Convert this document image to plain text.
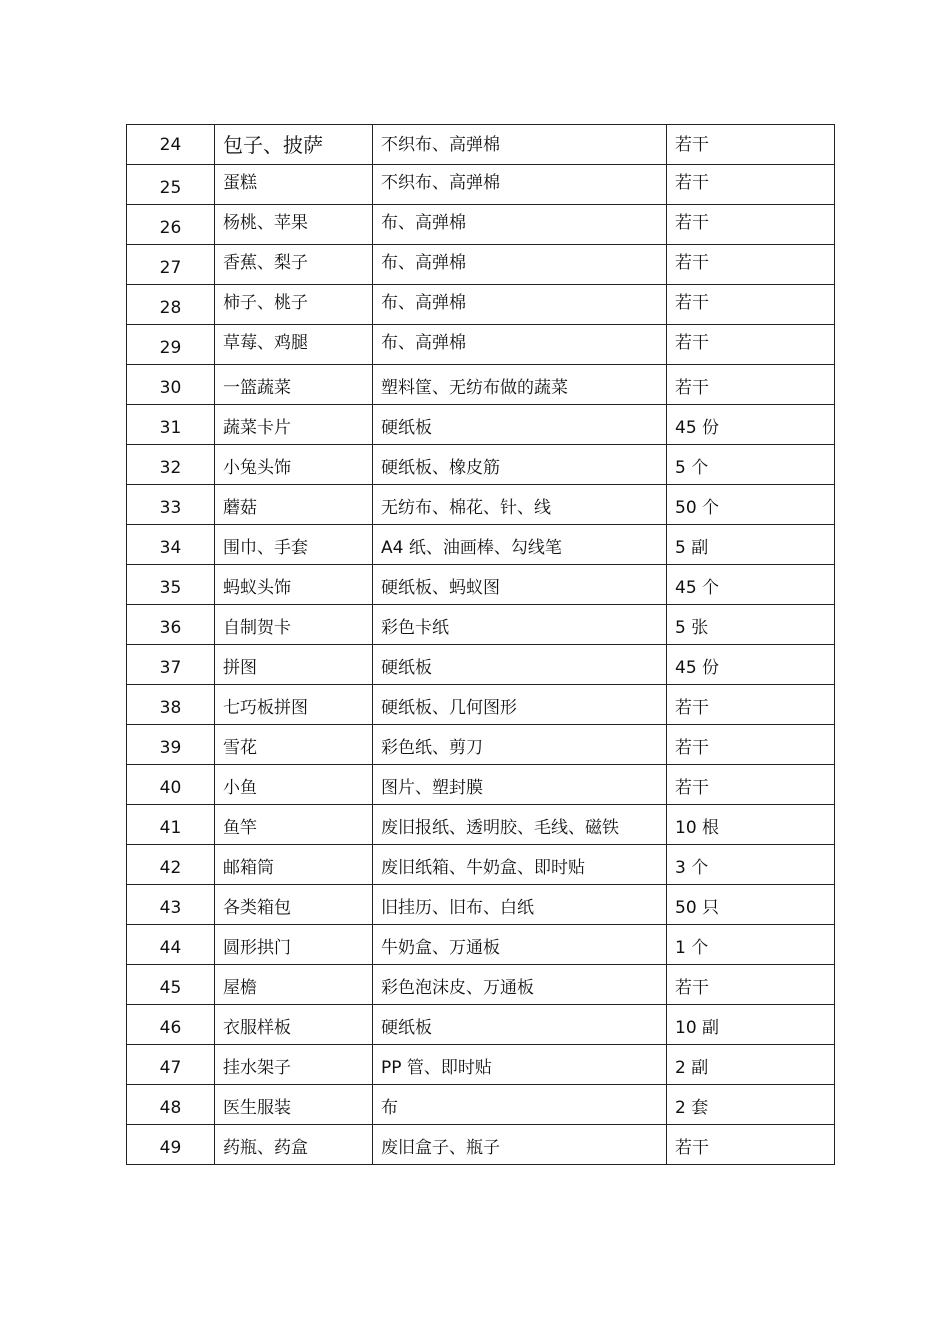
24	包子、披萨	不织布、高弹棉	若干
25	蛋糕	不织布、高弹棉	若干
26	杨桃、苹果	布、高弹棉	若干
27	香蕉、梨子	布、高弹棉	若干
28	柿子、桃子	布、高弹棉	若干
29	草莓、鸡腿	布、高弹棉	若干
30	一篮蔬菜	塑料筐、无纺布做的蔬菜	若干
31	蔬菜卡片	硬纸板	45 份
32	小兔头饰	硬纸板、橡皮筋	5 个
33	蘑菇	无纺布、棉花、针、线	50 个
34	围巾、手套	A4 纸、油画棒、勾线笔	5 副
35	蚂蚁头饰	硬纸板、蚂蚁图	45 个
36	自制贺卡	彩色卡纸	5 张
37	拼图	硬纸板	45 份
38	七巧板拼图	硬纸板、几何图形	若干
39	雪花	彩色纸、剪刀	若干
40	小鱼	图片、塑封膜	若干
41	鱼竿	废旧报纸、透明胶、毛线、磁铁	10 根
42	邮箱筒	废旧纸箱、牛奶盒、即时贴	3 个
43	各类箱包	旧挂历、旧布、白纸	50 只
44	圆形拱门	牛奶盒、万通板	1 个
45	屋檐	彩色泡沫皮、万通板	若干
46	衣服样板	硬纸板	10 副
47	挂水架子	PP 管、即时贴	2 副
48	医生服装	布	2 套
49	药瓶、药盒	废旧盒子、瓶子	若干
